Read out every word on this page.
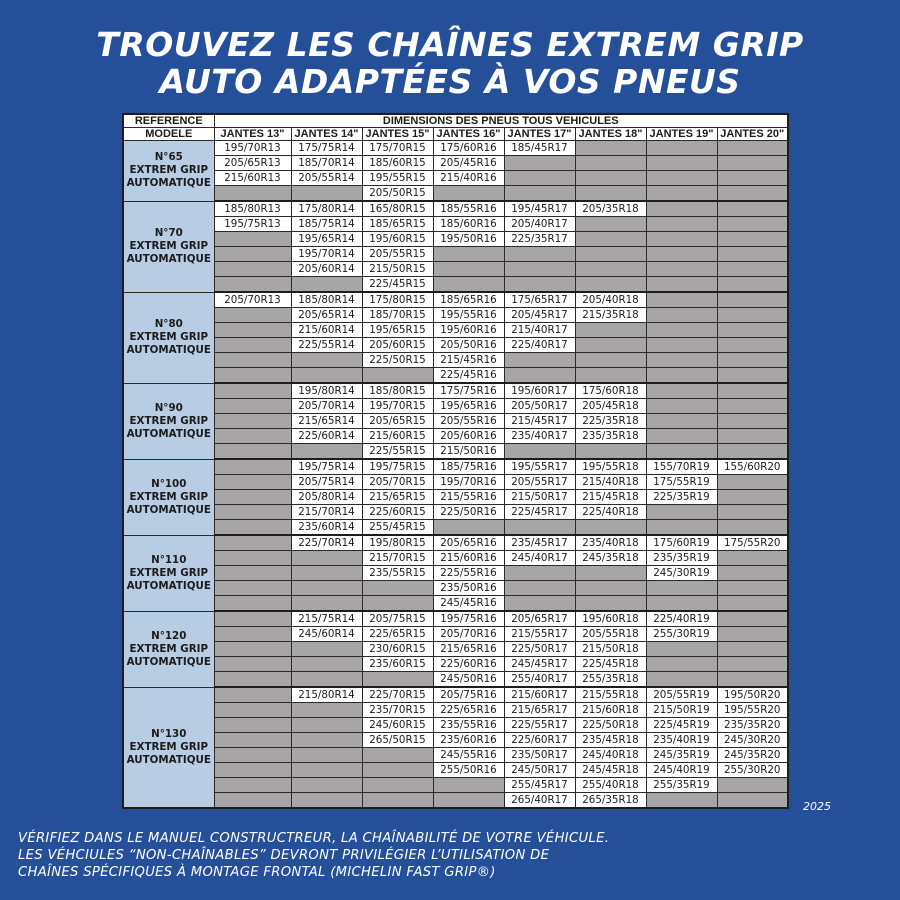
TROUVEZ LES CHAÎNES EXTREM GRIP
AUTO ADAPTÉES À VOS PNEUS
REFERENCE	DIMENSIONS DES PNEUS TOUS VEHICULES							
MODELE	JANTES 13"	JANTES 14"	JANTES 15"	JANTES 16"	JANTES 17"	JANTES 18"	JANTES 19"	JANTES 20"

N°65
EXTREM GRIP
AUTOMATIQUE	195/70R13	175/75R14	175/70R15	175/60R16	185/45R17			
	205/65R13	185/70R14	185/60R15	205/45R16				
	215/60R13	205/55R14	195/55R15	215/40R16				
			205/50R15					

N°70
EXTREM GRIP
AUTOMATIQUE	185/80R13	175/80R14	165/80R15	185/55R16	195/45R17	205/35R18		
	195/75R13	185/75R14	185/65R15	185/60R16	205/40R17			
		195/65R14	195/60R15	195/50R16	225/35R17			
		195/70R14	205/55R15					
		205/60R14	215/50R15					
			225/45R15					

N°80
EXTREM GRIP
AUTOMATIQUE	205/70R13	185/80R14	175/80R15	185/65R16	175/65R17	205/40R18		
		205/65R14	185/70R15	195/55R16	205/45R17	215/35R18		
		215/60R14	195/65R15	195/60R16	215/40R17			
		225/55R14	205/60R15	205/50R16	225/40R17			
			225/50R15	215/45R16				
				225/45R16				

N°90
EXTREM GRIP
AUTOMATIQUE		195/80R14	185/80R15	175/75R16	195/60R17	175/60R18		
		205/70R14	195/70R15	195/65R16	205/50R17	205/45R18		
		215/65R14	205/65R15	205/55R16	215/45R17	225/35R18		
		225/60R14	215/60R15	205/60R16	235/40R17	235/35R18		
			225/55R15	215/50R16				

N°100
EXTREM GRIP
AUTOMATIQUE		195/75R14	195/75R15	185/75R16	195/55R17	195/55R18	155/70R19	155/60R20
		205/75R14	205/70R15	195/70R16	205/55R17	215/40R18	175/55R19	
		205/80R14	215/65R15	215/55R16	215/50R17	215/45R18	225/35R19	
		215/70R14	225/60R15	225/50R16	225/45R17	225/40R18		
		235/60R14	255/45R15					

N°110
EXTREM GRIP
AUTOMATIQUE		225/70R14	195/80R15	205/65R16	235/45R17	235/40R18	175/60R19	175/55R20
			215/70R15	215/60R16	245/40R17	245/35R18	235/35R19	
			235/55R15	225/55R16			245/30R19	
				235/50R16				
				245/45R16				

N°120
EXTREM GRIP
AUTOMATIQUE		215/75R14	205/75R15	195/75R16	205/65R17	195/60R18	225/40R19	
		245/60R14	225/65R15	205/70R16	215/55R17	205/55R18	255/30R19	
			230/60R15	215/65R16	225/50R17	215/50R18		
			235/60R15	225/60R16	245/45R17	225/45R18		
				245/50R16	255/40R17	255/35R18		

N°130
EXTREM GRIP
AUTOMATIQUE		215/80R14	225/70R15	205/75R16	215/60R17	215/55R18	205/55R19	195/50R20
			235/70R15	225/65R16	215/65R17	215/60R18	215/50R19	195/55R20
			245/60R15	235/55R16	225/55R17	225/50R18	225/45R19	235/35R20
			265/50R15	235/60R16	225/60R17	235/45R18	235/40R19	245/30R20
				245/55R16	235/50R17	245/40R18	245/35R19	245/35R20
				255/50R16	245/50R17	245/45R18	245/40R19	255/30R20
					255/45R17	255/40R18	255/35R19	
					265/40R17	265/35R18		
2025
VÉRIFIEZ DANS LE MANUEL CONSTRUCTREUR, LA CHAÎNABILITÉ DE VOTRE VÉHICULE.
LES VÉHCIULES “NON-CHAÎNABLES” DEVRONT PRIVILÉGIER L’UTILISATION DE
CHAÎNES SPÉCIFIQUES À MONTAGE FRONTAL (MICHELIN FAST GRIP®)
